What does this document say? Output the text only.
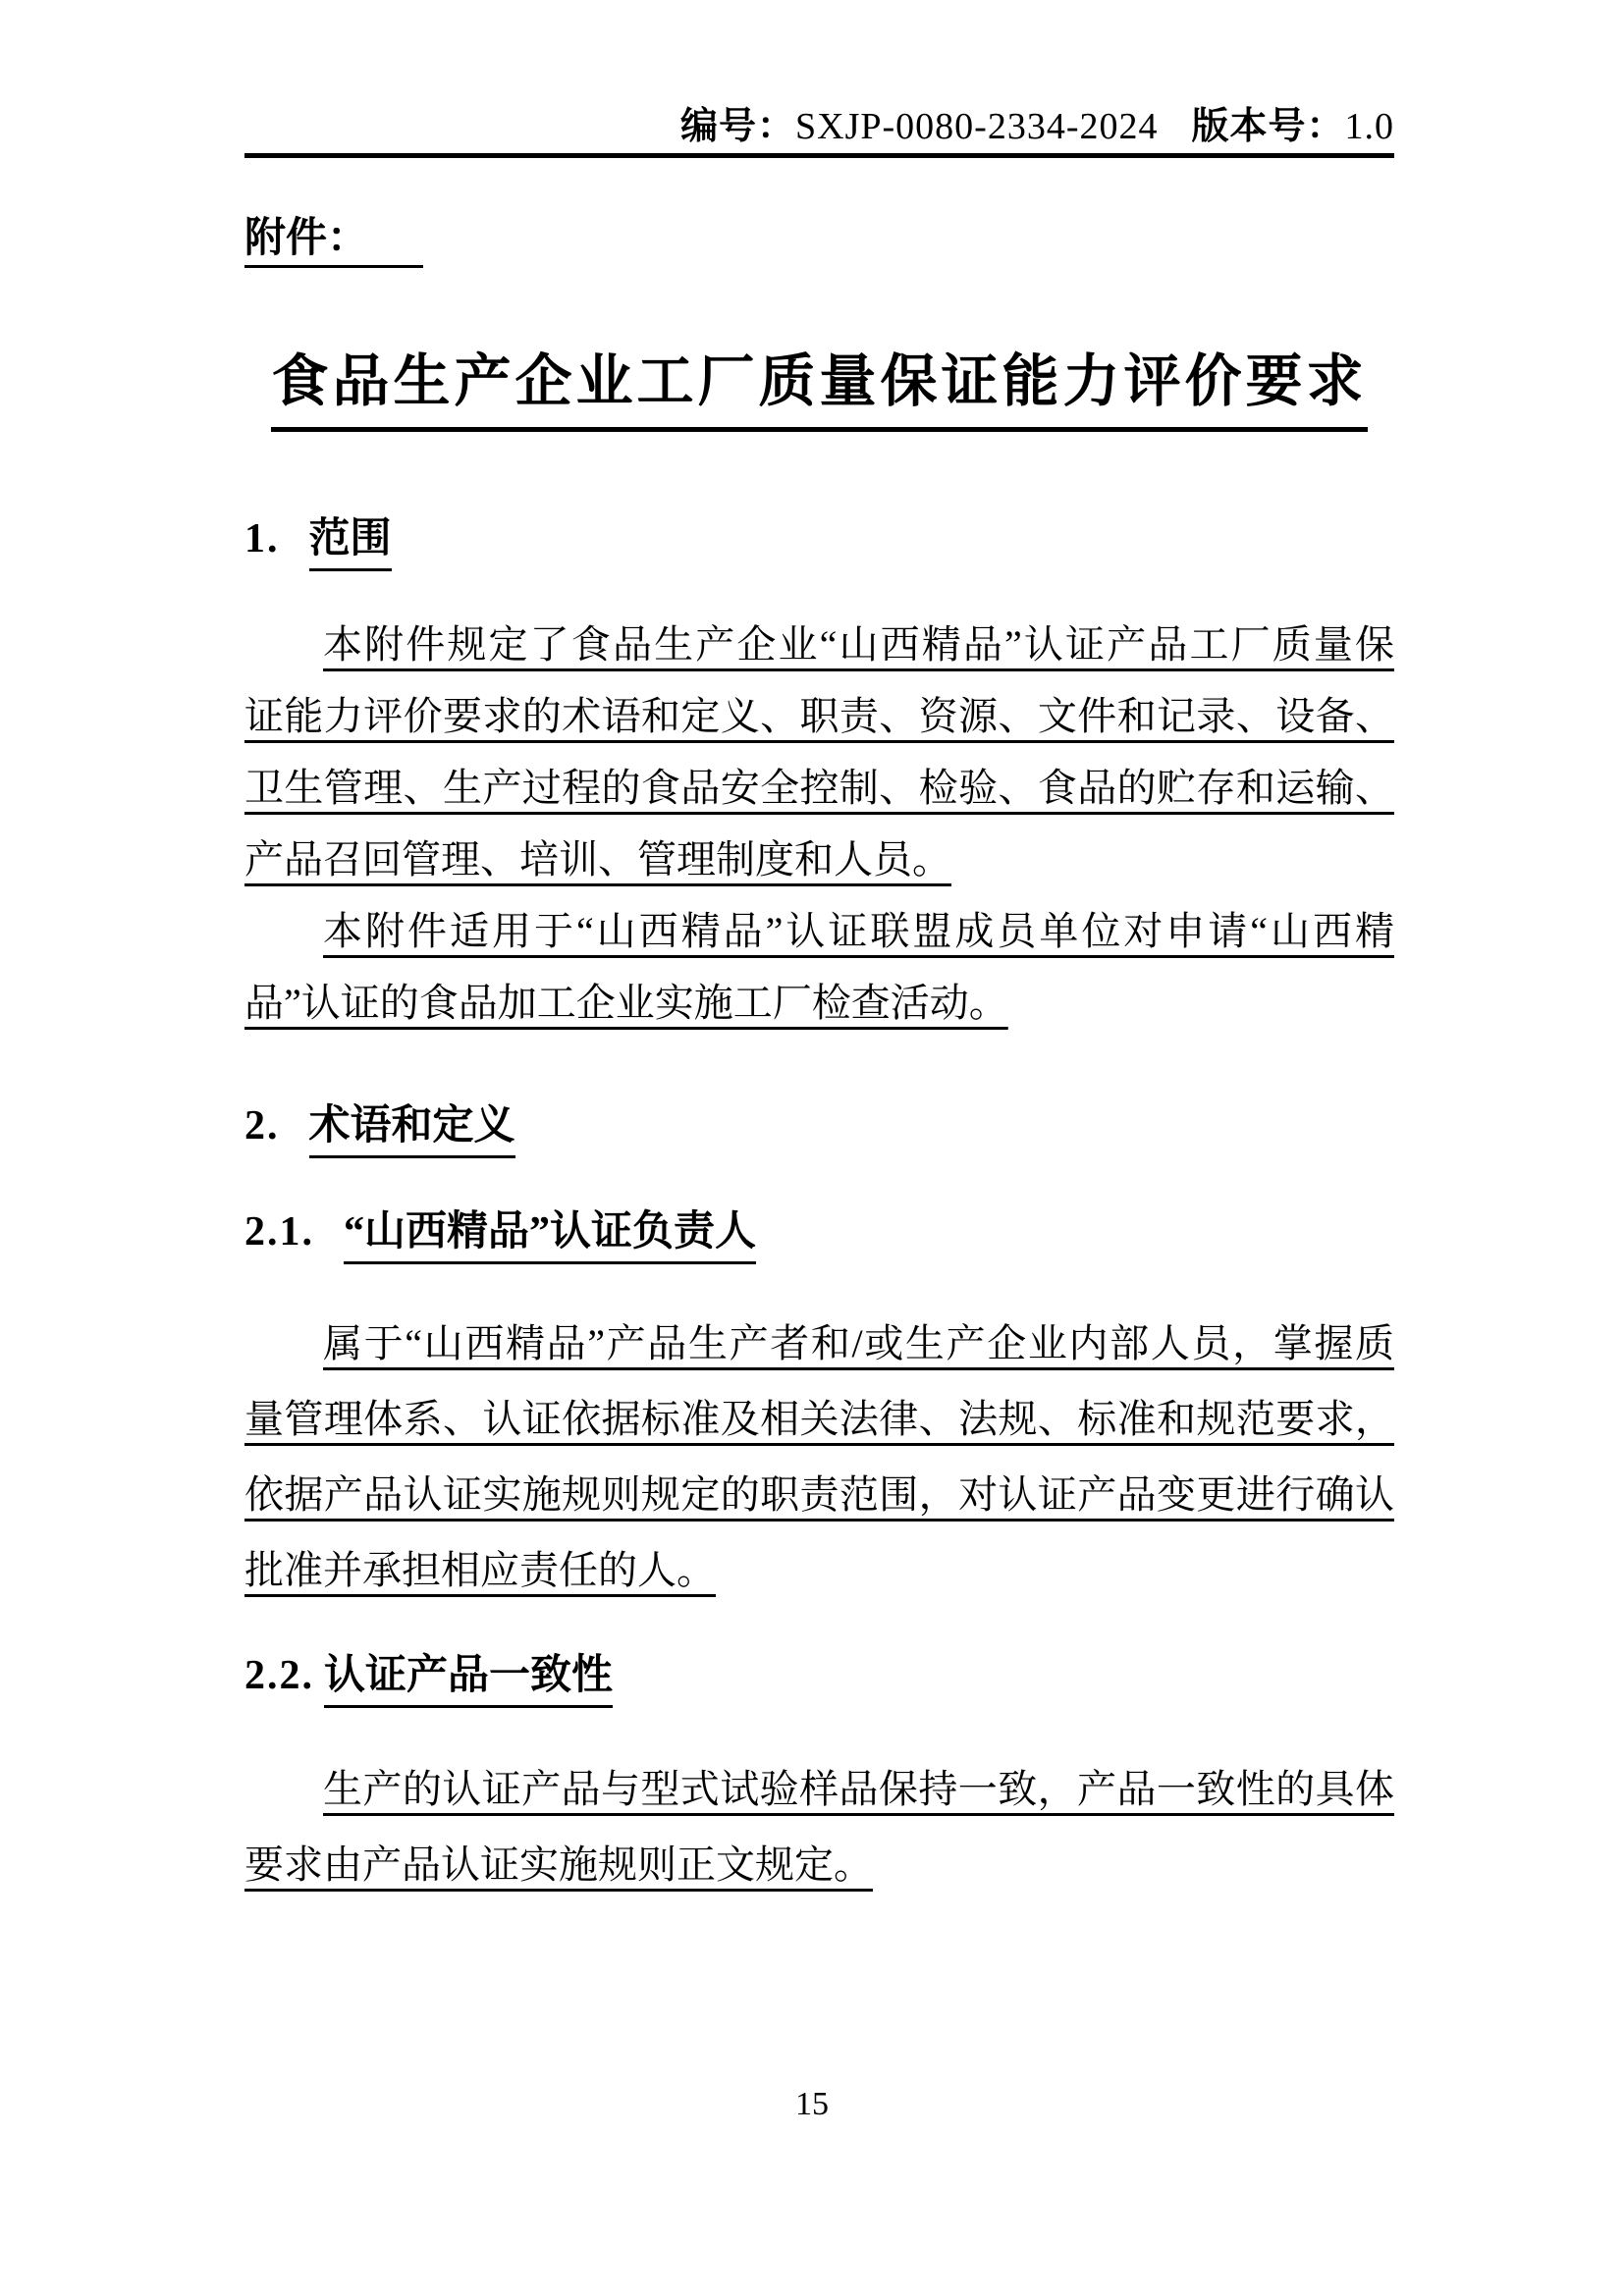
编号：SXJP-0080-2334-2024 版本号：1.0
附件：
食品生产企业工厂质量保证能力评价要求
1. 范围
本附件规定了食品生产企业“山西精品”认证产品工厂质量保
证能力评价要求的术语和定义、职责、资源、文件和记录、设备、
卫生管理、生产过程的食品安全控制、检验、食品的贮存和运输、
产品召回管理、培训、管理制度和人员。
本附件适用于“山西精品”认证联盟成员单位对申请“山西精
品”认证的食品加工企业实施工厂检查活动。
2. 术语和定义
2.1. “山西精品”认证负责人
属于“山西精品”产品生产者和/或生产企业内部人员，掌握质
量管理体系、认证依据标准及相关法律、法规、标准和规范要求，
依据产品认证实施规则规定的职责范围，对认证产品变更进行确认
批准并承担相应责任的人。
2.2. 认证产品一致性
生产的认证产品与型式试验样品保持一致，产品一致性的具体
要求由产品认证实施规则正文规定。
15
